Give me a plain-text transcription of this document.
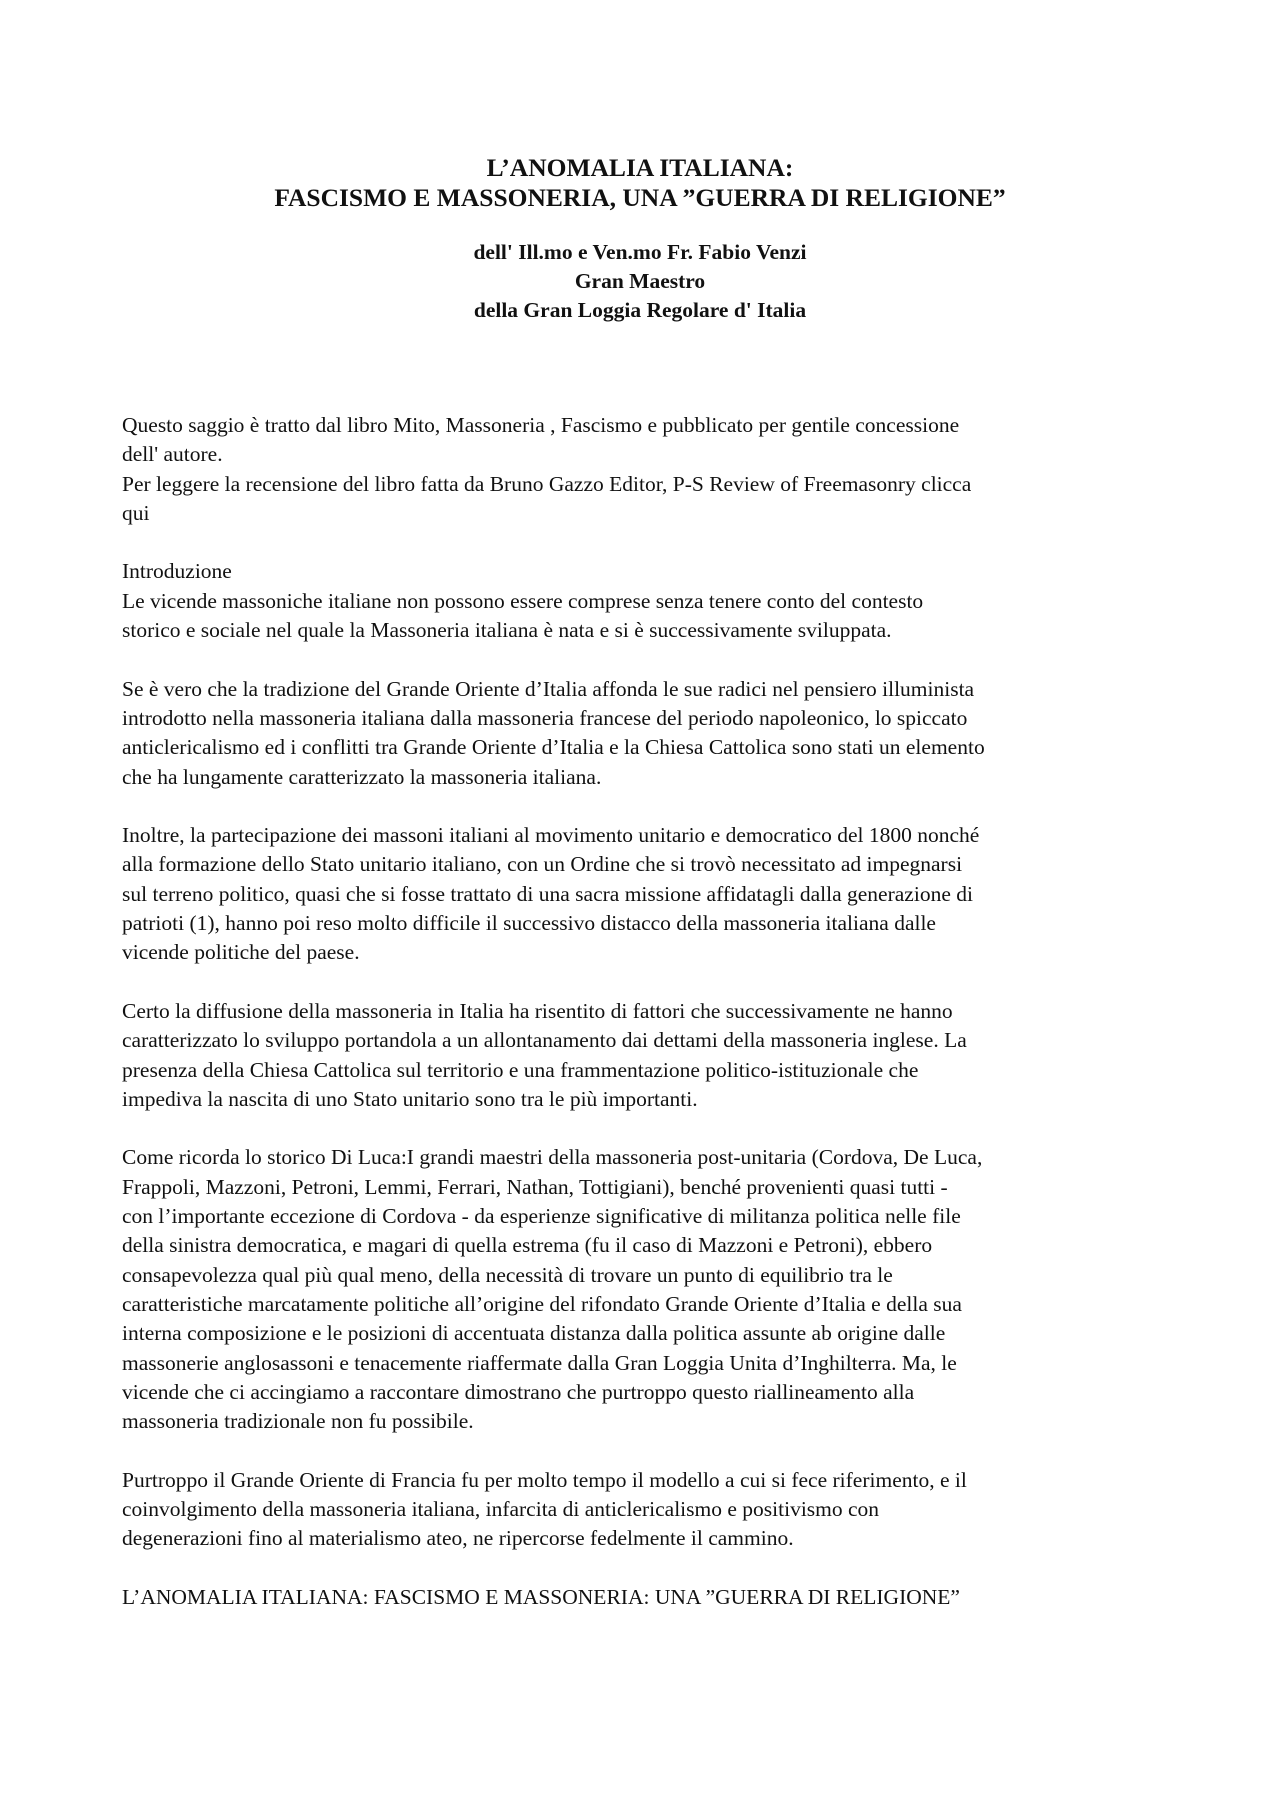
L’ANOMALIA ITALIANA:

FASCISMO E MASSONERIA, UNA ”GUERRA DI RELIGIONE”

dell' Ill.mo e Ven.mo Fr. Fabio Venzi

Gran Maestro

della Gran Loggia Regolare d' Italia

Questo saggio è tratto dal libro Mito, Massoneria , Fascismo e pubblicato per gentile concessione
dell' autore.
Per leggere la recensione del libro fatta da Bruno Gazzo Editor, P-S Review of Freemasonry clicca
qui
Introduzione
Le vicende massoniche italiane non possono essere comprese senza tenere conto del contesto
storico e sociale nel quale la Massoneria italiana è nata e si è successivamente sviluppata.
Se è vero che la tradizione del Grande Oriente d’Italia affonda le sue radici nel pensiero illuminista
introdotto nella massoneria italiana dalla massoneria francese del periodo napoleonico, lo spiccato
anticlericalismo ed i conflitti tra Grande Oriente d’Italia e la Chiesa Cattolica sono stati un elemento
che ha lungamente caratterizzato la massoneria italiana.
Inoltre, la partecipazione dei massoni italiani al movimento unitario e democratico del 1800 nonché
alla formazione dello Stato unitario italiano, con un Ordine che si trovò necessitato ad impegnarsi
sul terreno politico, quasi che si fosse trattato di una sacra missione affidatagli dalla generazione di
patrioti (1), hanno poi reso molto difficile il successivo distacco della massoneria italiana dalle
vicende politiche del paese.
Certo la diffusione della massoneria in Italia ha risentito di fattori che successivamente ne hanno
caratterizzato lo sviluppo portandola a un allontanamento dai dettami della massoneria inglese. La
presenza della Chiesa Cattolica sul territorio e una frammentazione politico-istituzionale che
impediva la nascita di uno Stato unitario sono tra le più importanti.
Come ricorda lo storico Di Luca:I grandi maestri della massoneria post-unitaria (Cordova, De Luca,
Frappoli, Mazzoni, Petroni, Lemmi, Ferrari, Nathan, Tottigiani), benché provenienti quasi tutti -
con l’importante eccezione di Cordova - da esperienze significative di militanza politica nelle file
della sinistra democratica, e magari di quella estrema (fu il caso di Mazzoni e Petroni), ebbero
consapevolezza qual più qual meno, della necessità di trovare un punto di equilibrio tra le
caratteristiche marcatamente politiche all’origine del rifondato Grande Oriente d’Italia e della sua
interna composizione e le posizioni di accentuata distanza dalla politica assunte ab origine dalle
massonerie anglosassoni e tenacemente riaffermate dalla Gran Loggia Unita d’Inghilterra. Ma, le
vicende che ci accingiamo a raccontare dimostrano che purtroppo questo riallineamento alla
massoneria tradizionale non fu possibile.
Purtroppo il Grande Oriente di Francia fu per molto tempo il modello a cui si fece riferimento, e il
coinvolgimento della massoneria italiana, infarcita di anticlericalismo e positivismo con
degenerazioni fino al materialismo ateo, ne ripercorse fedelmente il cammino.
L’ANOMALIA ITALIANA: FASCISMO E MASSONERIA: UNA ”GUERRA DI RELIGIONE”
